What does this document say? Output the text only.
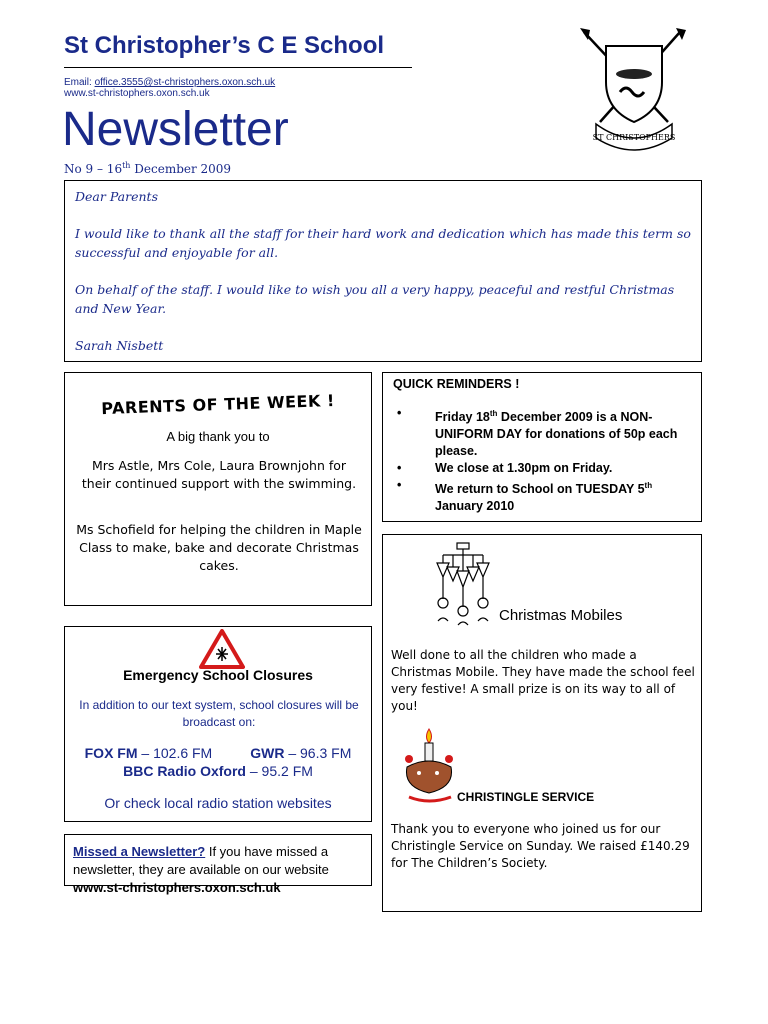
St Christopher’s C E School
Email: office.3555@st-christophers.oxon.sch.uk
www.st-christophers.oxon.sch.uk
Newsletter
No 9 – 16th December 2009
ST CHRISTOPHERS

Dear Parents

I would like to thank all the staff for their hard work and dedication which has made this term so successful and enjoyable for all.

On behalf of the staff. I would like to wish you all a very happy, peaceful and restful Christmas and New Year.

Sarah Nisbett

PARENTS OF THE WEEK !
A big thank you to
Mrs Astle, Mrs Cole, Laura Brownjohn for their continued support with the swimming.
Ms Schofield for helping the children in Maple Class to make, bake and decorate Christmas cakes.
QUICK REMINDERS !
•	Friday 18th December 2009 is a NON-UNIFORM DAY for donations of 50p each please.
•	We close at 1.30pm on Friday.
•	We return to School on TUESDAY 5th January 2010
Emergency School Closures
In addition to our text system, school closures will be broadcast on:
FOX FM – 102.6 FM	GWR – 96.3 FM
BBC Radio Oxford – 95.2 FM
Or check local radio station websites
Missed a Newsletter? If you have missed a newsletter, they are available on our website
www.st-christophers.oxon.sch.uk
Christmas Mobiles
Well done to all the children who made a Christmas Mobile. They have made the school feel very festive! A small prize is on its way to all of you!
CHRISTINGLE SERVICE
Thank you to everyone who joined us for our Christingle Service on Sunday. We raised £140.29 for The Children’s Society.
